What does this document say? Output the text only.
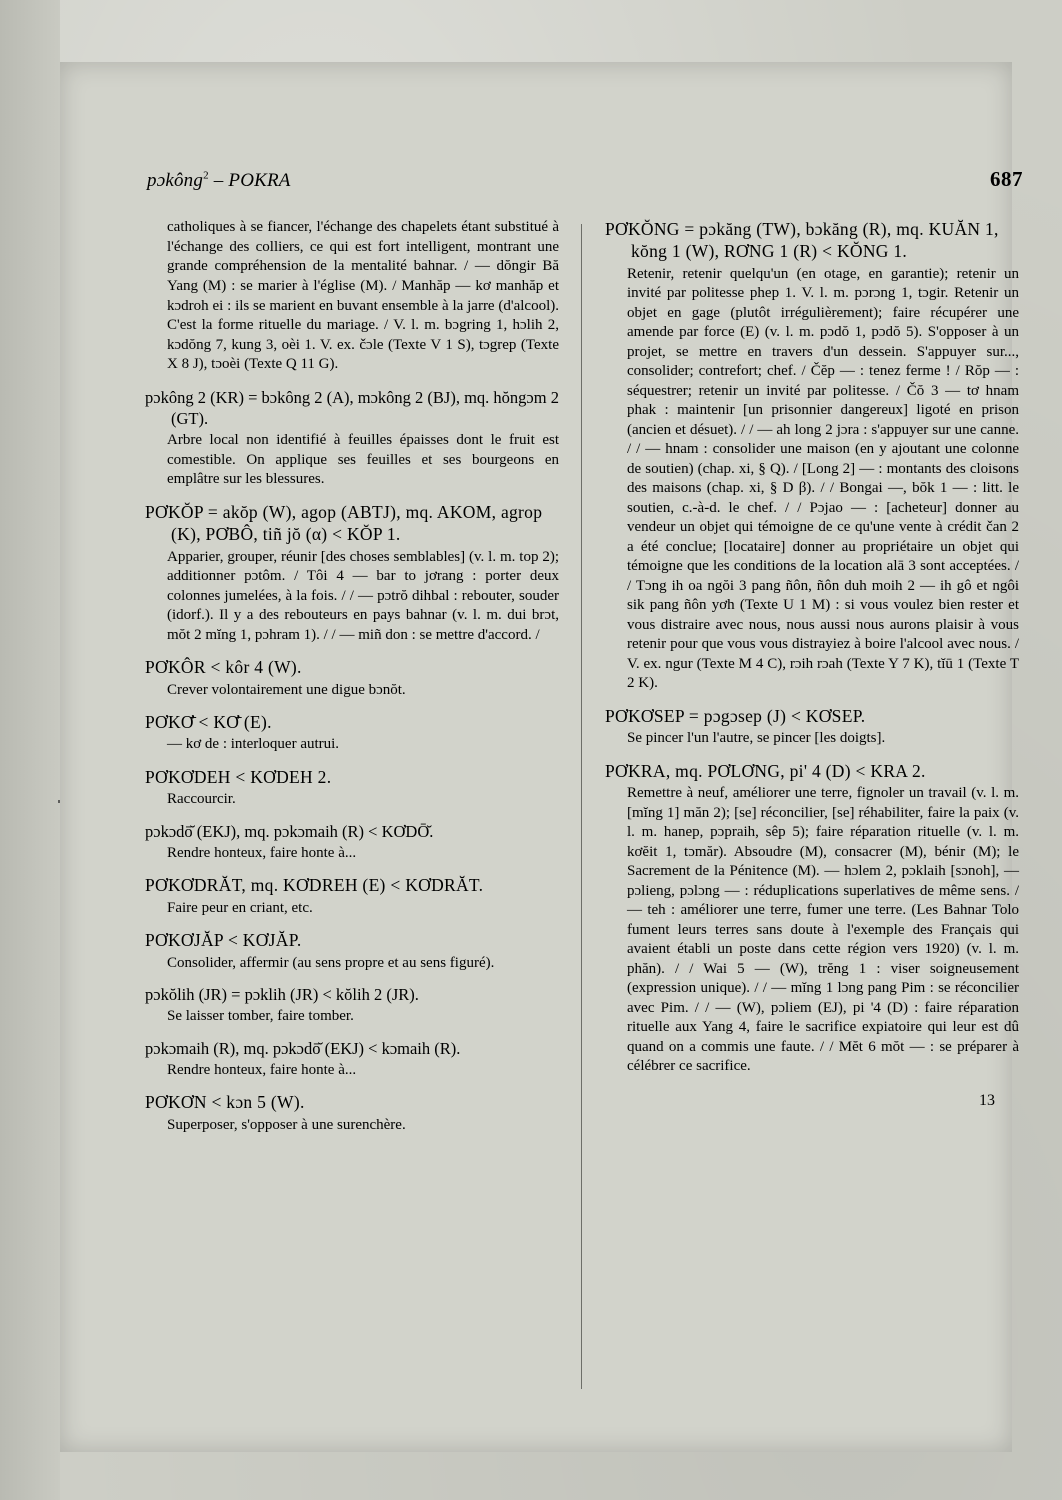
pɔkông$^2$ – POKRA	687
catholiques à se fiancer, l'échange des chapelets étant substitué à l'échange des colliers, ce qui est fort intelligent, montrant une grande compréhension de la mentalité bahnar. / — dŏngir Bă Yang (M) : se marier à l'église (M). / Manhăp — kơ manhăp et kɔdroh ei : ils se marient en buvant ensemble à la jarre (d'alcool). C'est la forme rituelle du mariage. / V. l. m. bɔgring 1, hɔlih 2, kɔdŏng 7, kung 3, oèi 1. V. ex. čɔle (Texte V 1 S), tɔgrep (Texte X 8 J), tɔoèi (Texte Q 11 G).
pɔkông 2 (KR) = bɔkông 2 (A), mɔkông 2 (BJ), mq. hŏngɔm 2 (GT).
Arbre local non identifié à feuilles épaisses dont le fruit est comestible. On applique ses feuilles et ses bourgeons en emplâtre sur les blessures.
PƠKŎP = akŏp (W), agop (ABTJ), mq. AKOM, agrop (K), PƠBÔ, tiñ jŏ (α) < KŎP 1.
Apparier, grouper, réunir [des choses semblables] (v. l. m. top 2); additionner pɔtôm. / Tôi 4 — bar to jơrang : porter deux colonnes jumelées, à la fois. / / — pɔtrŏ dihbal : rebouter, souder (idorf.). Il y a des rebouteurs en pays bahnar (v. l. m. dui brɔt, mŏt 2 mĭng 1, pɔhram 1). / / — miñ don : se mettre d'accord. /
PƠKÔR < kôr 4 (W).
Crever volontairement une digue bɔnŏt.
PƠKƠ̄ < KƠ̄ (E).
— kơ de : interloquer autrui.
PƠKƠDEH < KƠDEH 2.
Raccourcir.
pɔkɔdō̆ (EKJ), mq. pɔkɔmaih (R) < KƠDŌ̆.
Rendre honteux, faire honte à...
PƠKƠDRĂT, mq. KƠDREH (E) < KƠDRĂT.
Faire peur en criant, etc.
PƠKƠJĂP < KƠJĂP.
Consolider, affermir (au sens propre et au sens figuré).
pɔkŏlih (JR) = pɔklih (JR) < kŏlih 2 (JR).
Se laisser tomber, faire tomber.
pɔkɔmaih (R), mq. pɔkɔdō̆ (EKJ) < kɔmaih (R).
Rendre honteux, faire honte à...
PƠKƠN < kɔn 5 (W).
Superposer, s'opposer à une surenchère.
PƠKŎNG = pɔkăng (TW), bɔkăng (R), mq. KUĂN 1, kŏng 1 (W), RƠNG 1 (R) < KŎNG 1.
Retenir, retenir quelqu'un (en otage, en garantie); retenir un invité par politesse phep 1. V. l. m. pɔrɔng 1, tɔgir. Retenir un objet en gage (plutôt irrégulièrement); faire récupérer une amende par force (E) (v. l. m. pɔdŏ 1, pɔdŏ 5). S'opposer à un projet, se mettre en travers d'un dessein. S'appuyer sur..., consolider; contrefort; chef. / Čĕp — : tenez ferme ! / Rŏp — : séquestrer; retenir un invité par politesse. / Čŏ 3 — tơ hnam phak : maintenir [un prisonnier dangereux] ligoté en prison (ancien et désuet). / / — ah long 2 jɔra : s'appuyer sur une canne. / / — hnam : consolider une maison (en y ajoutant une colonne de soutien) (chap. xi, § Q). / [Long 2] — : montants des cloisons des maisons (chap. xi, § D β). / / Bongai —, bŏk 1 — : litt. le soutien, c.-à-d. le chef. / / Pɔjao — : [acheteur] donner au vendeur un objet qui témoigne de ce qu'une vente à crédit čan 2 a été conclue; [locataire] donner au propriétaire un objet qui témoigne que les conditions de la location alā 3 sont acceptées. / / Tɔng ih oa ngŏi 3 pang ñôn, ñôn duh moih 2 — ih gô et ngôi sik pang ñôn yơh (Texte U 1 M) : si vous voulez bien rester et vous distraire avec nous, nous aussi nous aurons plaisir à vous retenir pour que vous vous distrayiez à boire l'alcool avec nous. / V. ex. ngur (Texte M 4 C), rɔih rɔah (Texte Y 7 K), tĭū 1 (Texte T 2 K).
PƠKƠSEP = pɔgɔsep (J) < KƠSEP.
Se pincer l'un l'autre, se pincer [les doigts].
PƠKRA, mq. PƠLƠNG, pi' 4 (D) < KRA 2.
Remettre à neuf, améliorer une terre, fignoler un travail (v. l. m. [mĭng 1] măn 2); [se] réconcilier, [se] réhabiliter, faire la paix (v. l. m. hanep, pɔpraih, sêp 5); faire réparation rituelle (v. l. m. kơĕit 1, tɔmăr). Absoudre (M), consacrer (M), bénir (M); le Sacrement de la Pénitence (M). — hɔlem 2, pɔklaih [sɔnoh], — pɔlieng, pɔlɔng — : réduplications superlatives de même sens. / — teh : améliorer une terre, fumer une terre. (Les Bahnar Tolo fument leurs terres sans doute à l'exemple des Français qui avaient établi un poste dans cette région vers 1920) (v. l. m. phăn). / / Wai 5 — (W), trĕng 1 : viser soigneusement (expression unique). / / — mĭng 1 lɔng pang Pim : se réconcilier avec Pim. / / — (W), pɔliem (EJ), pi '4 (D) : faire réparation rituelle aux Yang 4, faire le sacrifice expiatoire qui leur est dû quand on a commis une faute. / / Mĕt 6 mŏt — : se préparer à célébrer ce sacrifice.
13
